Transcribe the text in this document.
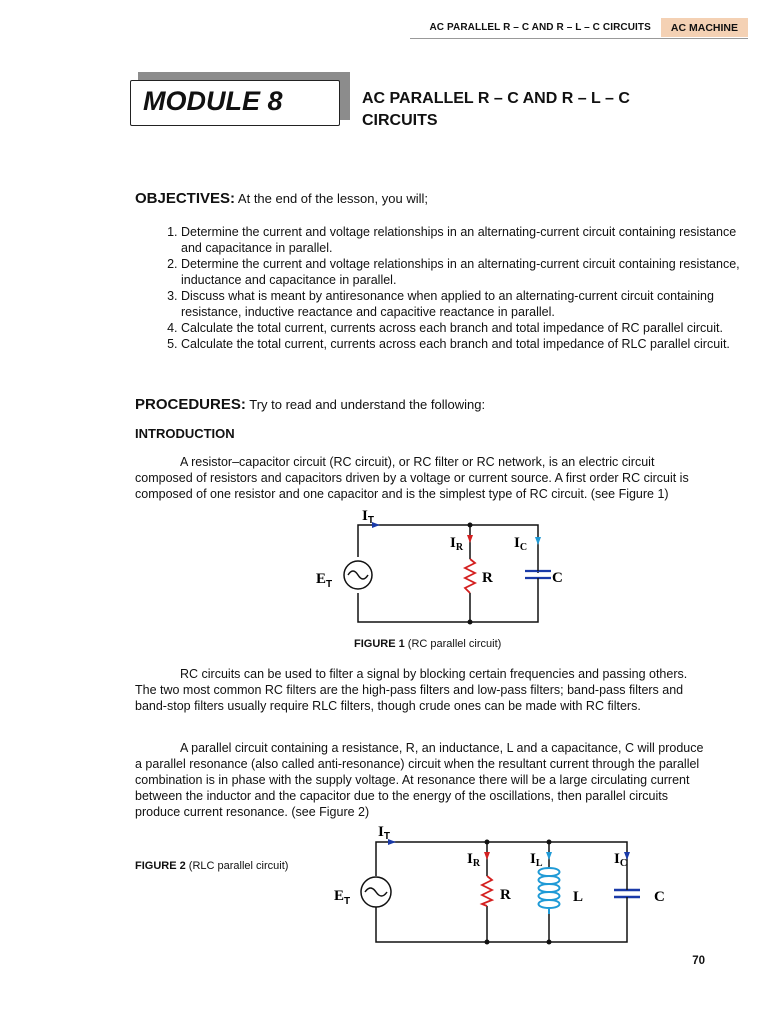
AC PARALLEL R – C AND R – L – C CIRCUITS	AC MACHINE
MODULE 8	AC PARALLEL R – C AND R – L – C
CIRCUITS
OBJECTIVES: At the end of the lesson, you will;
1. Determine the current and voltage relationships in an alternating-current circuit containing resistance and capacitance in parallel.
2. Determine the current and voltage relationships in an alternating-current circuit containing resistance, inductance and capacitance in parallel.
3. Discuss what is meant by antiresonance when applied to an alternating-current circuit containing resistance, inductive reactance and capacitive reactance in parallel.
4. Calculate the total current, currents across each branch and total impedance of RC parallel circuit.
5. Calculate the total current, currents across each branch and total impedance of RLC parallel circuit.
PROCEDURES: Try to read and understand the following:
INTRODUCTION
A resistor–capacitor circuit (RC circuit), or RC filter or RC network, is an electric circuit composed of resistors and capacitors driven by a voltage or current source. A first order RC circuit is composed of one resistor and one capacitor and is the simplest type of RC circuit. (see Figure 1)
$I_T$
$I_R$	$I_C$
$E_T$	R	C
FIGURE 1 (RC parallel circuit)
RC circuits can be used to filter a signal by blocking certain frequencies and passing others. The two most common RC filters are the high-pass filters and low-pass filters; band-pass filters and band-stop filters usually require RLC filters, though crude ones can be made with RC filters.
A parallel circuit containing a resistance, R, an inductance, L and a capacitance, C will produce a parallel resonance (also called anti-resonance) circuit when the resultant current through the parallel combination is in phase with the supply voltage. At resonance there will be a large circulating current between the inductor and the capacitor due to the energy of the oscillations, then parallel circuits produce current resonance. (see Figure 2)
$I_T$
$I_R$	$I_L$	$I_C$
$E_T$	R	L	C
FIGURE 2 (RLC parallel circuit)
70
